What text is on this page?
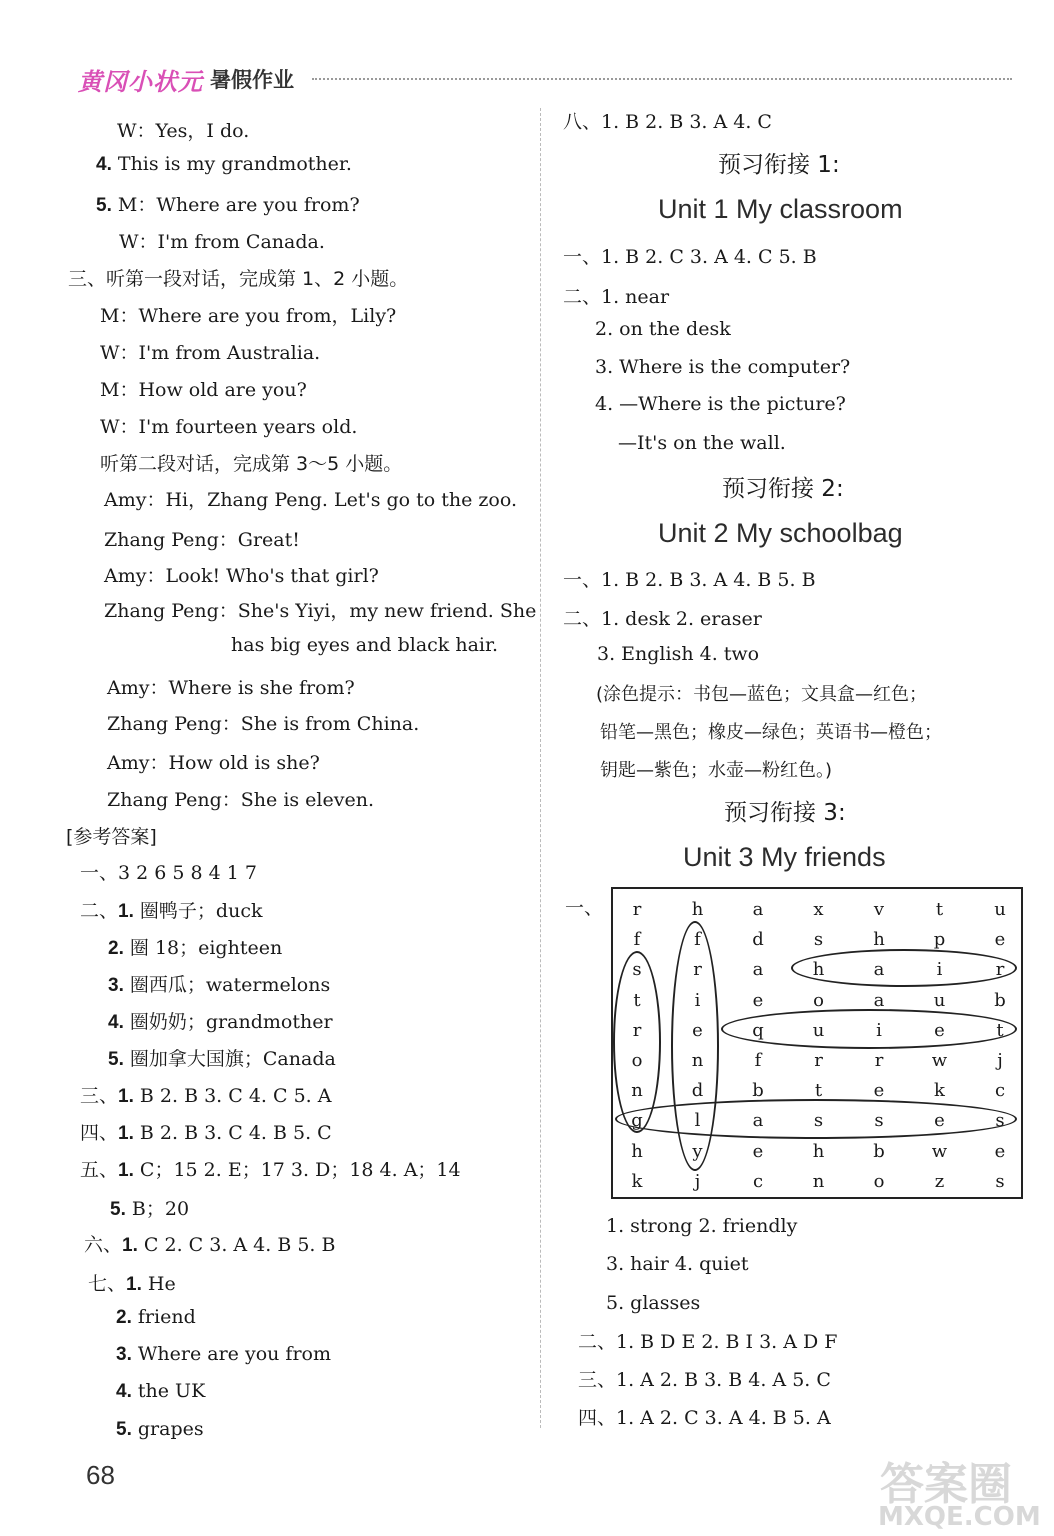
黄冈小状元 暑假作业
W：Yes，I do.
4. This is my grandmother.
5. M：Where are you from?
W：I'm from Canada.
三、听第一段对话，完成第 1、2 小题。
M：Where are you from，Lily?
W：I'm from Australia.
M：How old are you?
W：I'm fourteen years old.
听第二段对话，完成第 3～5 小题。
Amy：Hi，Zhang Peng. Let's go to the zoo.
Zhang Peng：Great!
Amy：Look! Who's that girl?
Zhang Peng：She's Yiyi，my new friend. She
has big eyes and black hair.
Amy：Where is she from?
Zhang Peng：She is from China.
Amy：How old is she?
Zhang Peng：She is eleven.
[参考答案]
一、3 2 6 5 8 4 1 7
二、1. 圈鸭子；duck
2. 圈 18；eighteen
3. 圈西瓜；watermelons
4. 圈奶奶；grandmother
5. 圈加拿大国旗；Canada
三、1. B 2. B 3. C 4. C 5. A
四、1. B 2. B 3. C 4. B 5. C
五、1. C；15 2. E；17 3. D；18 4. A；14
5. B；20
六、1. C 2. C 3. A 4. B 5. B
七、1. He
2. friend
3. Where are you from
4. the UK
5. grapes
68
八、1. B 2. B 3. A 4. C
预习衔接 1:
Unit 1 My classroom
一、1. B 2. C 3. A 4. C 5. B
二、1. near
2. on the desk
3. Where is the computer?
4. —Where is the picture?
—It's on the wall.
预习衔接 2:
Unit 2 My schoolbag
一、1. B 2. B 3. A 4. B 5. B
二、1. desk 2. eraser
3. English 4. two
(涂色提示：书包—蓝色；文具盒—红色；
铅笔—黑色；橡皮—绿色；英语书—橙色；
钥匙—紫色；水壶—粉红色。)
预习衔接 3:
Unit 3 My friends
一、	r	h	a	x	v	t	u
f	f	d	s	h	p	e
s	r	a	h	a	i	r
t	i	e	o	a	u	b
r	e	q	u	i	e	t
o	n	f	r	r	w	j
n	d	b	t	e	k	c
g	l	a	s	s	e	s
h	y	e	h	b	w	e
k	j	c	n	o	z	s
1. strong 2. friendly
3. hair 4. quiet
5. glasses
二、1. B D E 2. B I 3. A D F
三、1. A 2. B 3. B 4. A 5. C
四、1. A 2. C 3. A 4. B 5. A
答案圈
MXQE.COM
